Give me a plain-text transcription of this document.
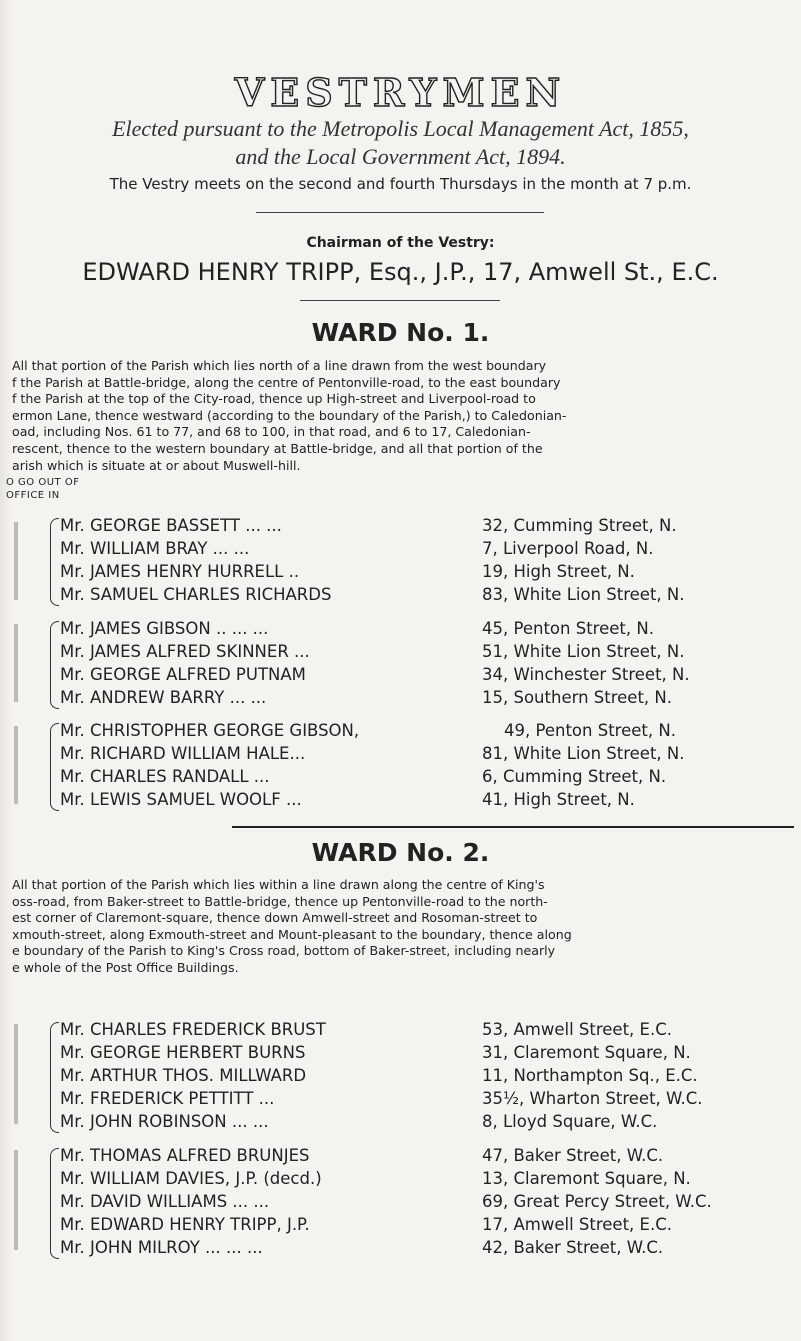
VESTRYMEN
Elected pursuant to the Metropolis Local Management Act, 1855,
and the Local Government Act, 1894.
The Vestry meets on the second and fourth Thursdays in the month at 7 p.m.
Chairman of the Vestry:
EDWARD HENRY TRIPP, Esq., J.P., 17, Amwell St., E.C.
WARD No. 1.
All that portion of the Parish which lies north of a line drawn from the west boundary
f the Parish at Battle-bridge, along the centre of Pentonville-road, to the east boundary
f the Parish at the top of the City-road, thence up High-street and Liverpool-road to
ermon Lane, thence westward (according to the boundary of the Parish,) to Caledonian-
oad, including Nos. 61 to 77, and 68 to 100, in that road, and 6 to 17, Caledonian-
rescent, thence to the western boundary at Battle-bridge, and all that portion of the
arish which is situate at or about Muswell-hill.
O GO OUT OF
OFFICE IN
Mr. GEORGE BASSETT ... ...	32, Cumming Street, N.
Mr. WILLIAM BRAY ... ...	7, Liverpool Road, N.
Mr. JAMES HENRY HURRELL ..	19, High Street, N.
Mr. SAMUEL CHARLES RICHARDS	83, White Lion Street, N.
Mr. JAMES GIBSON .. ... ...	45, Penton Street, N.
Mr. JAMES ALFRED SKINNER ...	51, White Lion Street, N.
Mr. GEORGE ALFRED PUTNAM	34, Winchester Street, N.
Mr. ANDREW BARRY ... ...	15, Southern Street, N.
Mr. CHRISTOPHER GEORGE GIBSON,	49, Penton Street, N.
Mr. RICHARD WILLIAM HALE...	81, White Lion Street, N.
Mr. CHARLES RANDALL ...	6, Cumming Street, N.
Mr. LEWIS SAMUEL WOOLF ...	41, High Street, N.
WARD No. 2.
All that portion of the Parish which lies within a line drawn along the centre of King's
oss-road, from Baker-street to Battle-bridge, thence up Pentonville-road to the north-
est corner of Claremont-square, thence down Amwell-street and Rosoman-street to
xmouth-street, along Exmouth-street and Mount-pleasant to the boundary, thence along
e boundary of the Parish to King's Cross road, bottom of Baker-street, including nearly
e whole of the Post Office Buildings.
Mr. CHARLES FREDERICK BRUST	53, Amwell Street, E.C.
Mr. GEORGE HERBERT BURNS	31, Claremont Square, N.
Mr. ARTHUR THOS. MILLWARD	11, Northampton Sq., E.C.
Mr. FREDERICK PETTITT ...	35½, Wharton Street, W.C.
Mr. JOHN ROBINSON ... ...	8, Lloyd Square, W.C.
Mr. THOMAS ALFRED BRUNJES	47, Baker Street, W.C.
Mr. WILLIAM DAVIES, J.P. (decd.)	13, Claremont Square, N.
Mr. DAVID WILLIAMS ... ...	69, Great Percy Street, W.C.
Mr. EDWARD HENRY TRIPP, J.P.	17, Amwell Street, E.C.
Mr. JOHN MILROY ... ... ...	42, Baker Street, W.C.
